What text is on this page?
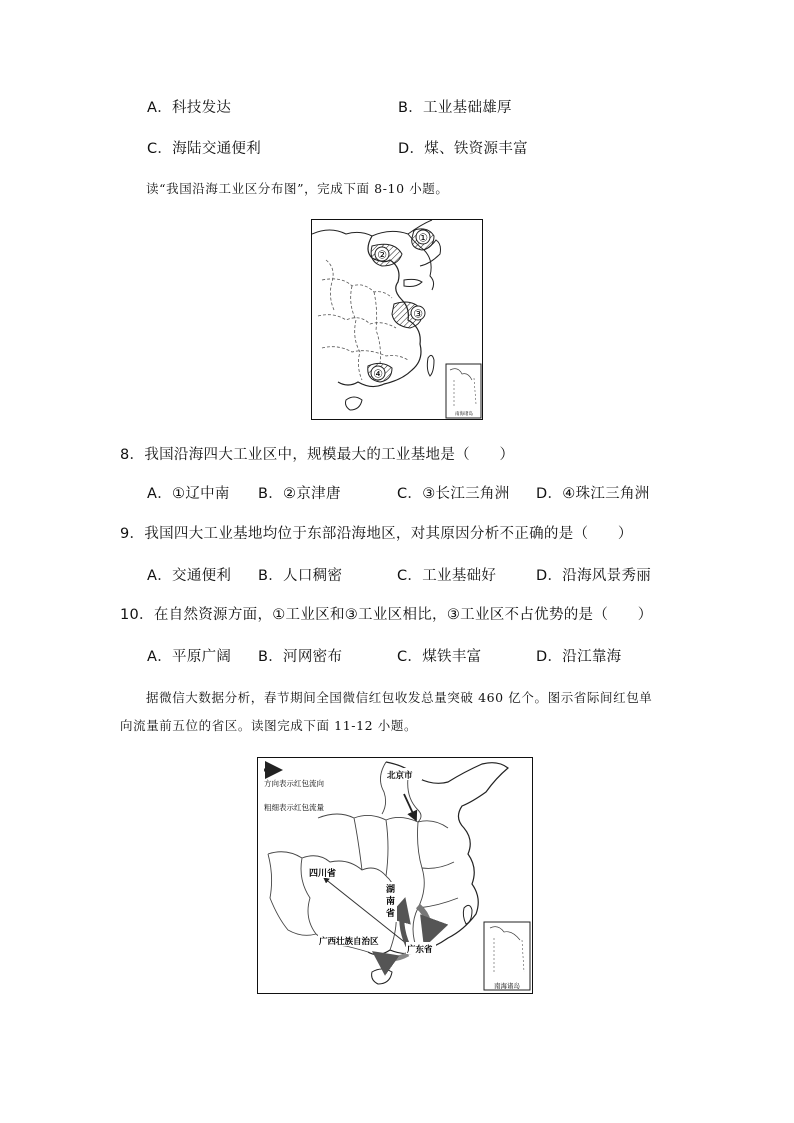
A．科技发达	B．工业基础雄厚
C．海陆交通便利	D．煤、铁资源丰富
读“我国沿海工业区分布图”，完成下面 8-10 小题。
①
②
③
④
南海诸岛
8．我国沿海四大工业区中，规模最大的工业基地是（　　）
A．①辽中南 B．②京津唐	C．③长江三角洲 D．④珠江三角洲
9．我国四大工业基地均位于东部沿海地区，对其原因分析不正确的是（　　）
A．交通便利 B．人口稠密	C．工业基础好	D．沿海风景秀丽
10．在自然资源方面，①工业区和③工业区相比，③工业区不占优势的是（　　）
A．平原广阔 B．河网密布	C．煤铁丰富	D．沿江靠海
据微信大数据分析，春节期间全国微信红包收发总量突破 460 亿个。图示省际间红包单
向流量前五位的省区。读图完成下面 11-12 小题。
方向表示红包流向
粗细表示红包流量
南海诸岛
北京市
四川省
湖
南
省
广西壮族自治区
广东省
